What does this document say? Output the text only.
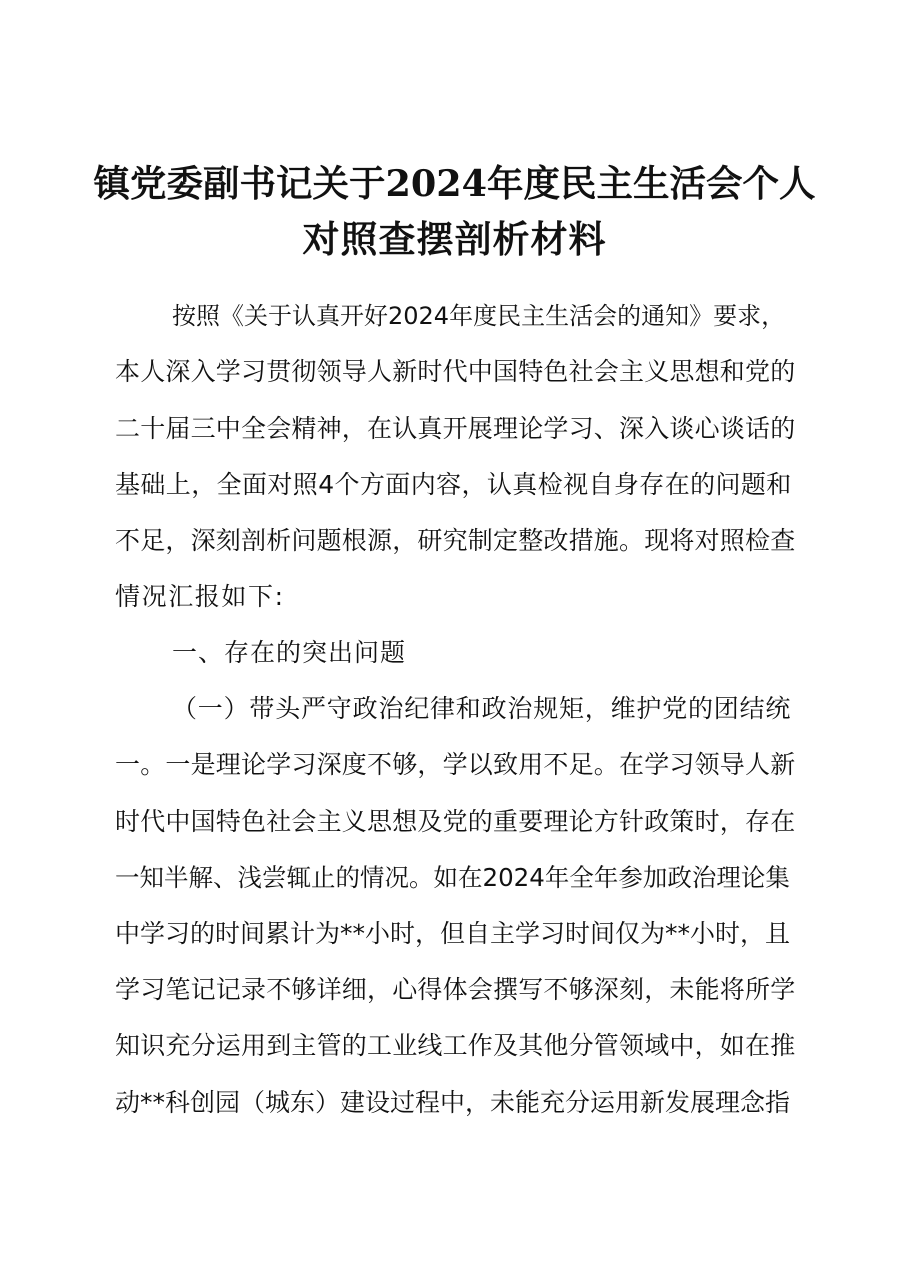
镇党委副书记关于2024年度民主生活会个人
对照查摆剖析材料
按照《关于认真开好2024年度民主生活会的通知》要求，
本人深入学习贯彻领导人新时代中国特色社会主义思想和党的
二十届三中全会精神，在认真开展理论学习、深入谈心谈话的
基础上，全面对照4个方面内容，认真检视自身存在的问题和
不足，深刻剖析问题根源，研究制定整改措施。现将对照检查
情况汇报如下:
一、存在的突出问题
（一）带头严守政治纪律和政治规矩，维护党的团结统
一。一是理论学习深度不够，学以致用不足。在学习领导人新
时代中国特色社会主义思想及党的重要理论方针政策时，存在
一知半解、浅尝辄止的情况。如在2024年全年参加政治理论集
中学习的时间累计为**小时，但自主学习时间仅为**小时，且
学习笔记记录不够详细，心得体会撰写不够深刻，未能将所学
知识充分运用到主管的工业线工作及其他分管领域中，如在推
动**科创园（城东）建设过程中，未能充分运用新发展理念指
